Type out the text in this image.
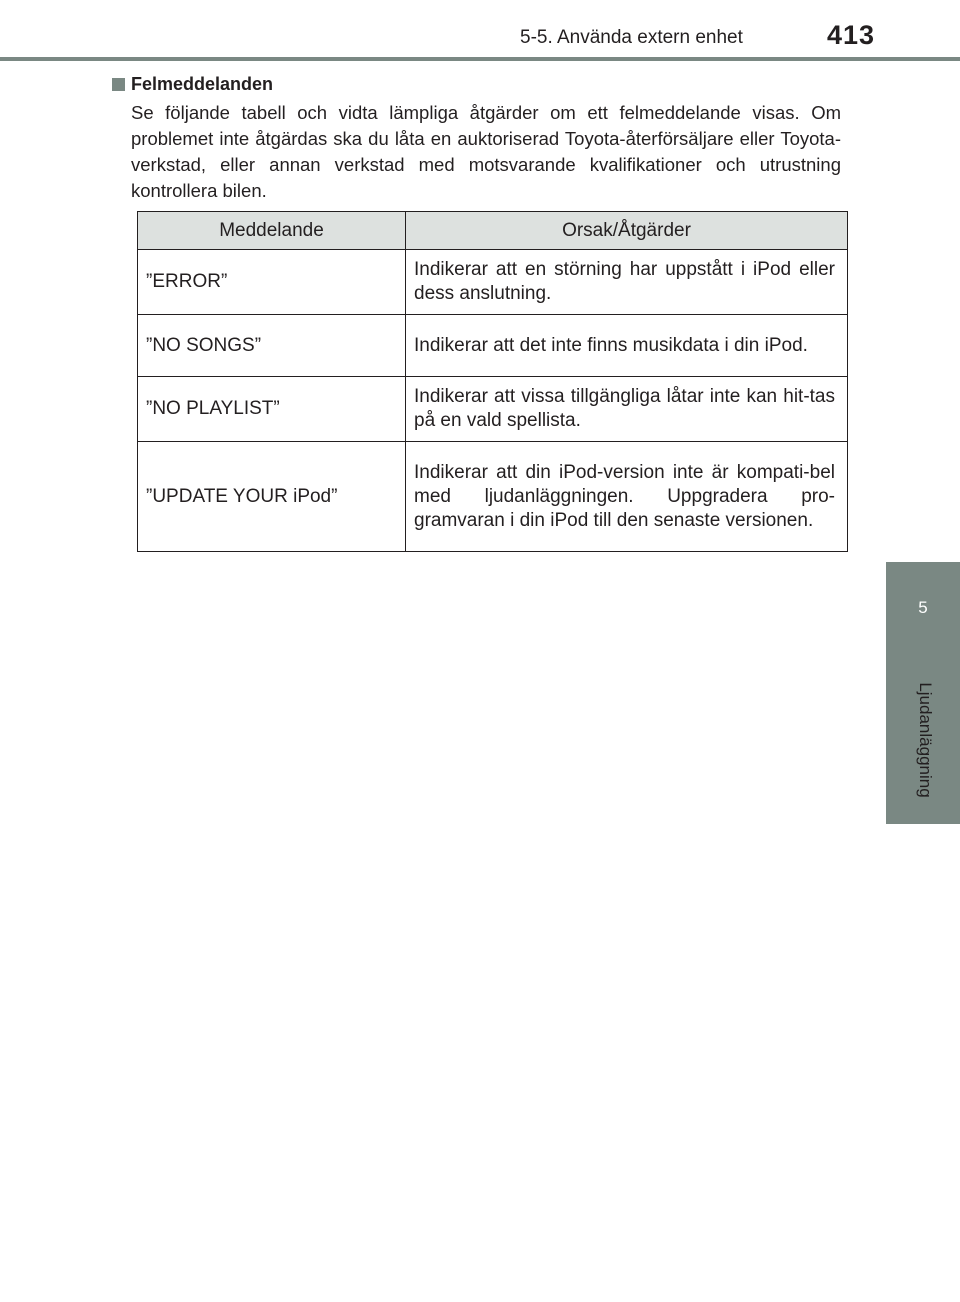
5-5. Använda extern enhet	413
5
Ljudanläggning
Felmeddelanden

Se följande tabell och vidta lämpliga åtgärder om ett felmeddelande visas. Om problemet inte åtgärdas ska du låta en auktoriserad Toyota-återförsäljare eller Toyota-verkstad, eller annan verkstad med motsvarande kvalifikationer och utrustning kontrollera bilen.

Meddelande	Orsak/Åtgärder
”ERROR”	Indikerar att en störning har uppstått i iPod eller dess anslutning.
”NO SONGS”	Indikerar att det inte finns musikdata i din iPod.
”NO PLAYLIST”	Indikerar att vissa tillgängliga låtar inte kan hit-tas på en vald spellista.
”UPDATE YOUR iPod”	Indikerar att din iPod-version inte är kompati-bel med ljudanläggningen. Uppgradera pro-gramvaran i din iPod till den senaste versionen.
